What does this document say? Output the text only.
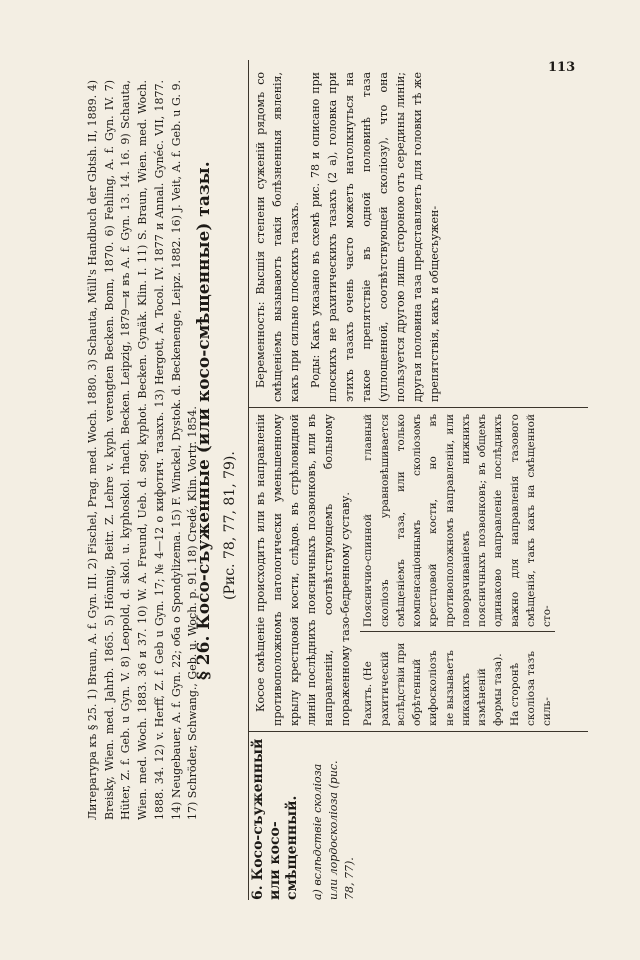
113
Литература къ § 25. 1) Braun, A. f. Gyn. III. 2) Fischel, Prag. med. Woch. 1880. 3) Schauta, Müll's Handbuch der Gbtsh. II, 1889. 4) Breisky, Wien. med. Jahrb. 1865. 5) Hönnig, Beitr. Z. Lehre v. kyph. verengten Becken. Bonn, 1870. 6) Fehling, A. f. Gyn. IV. 7) Hüter, Z. f. Geb. u Gyn. V. 8) Leopold, d. skol. u. kyphoskol. rhach. Becken. Leipzig, 1879—и въ A. f. Gyn. 13. 14. 16. 9) Schauta, Wien. med. Woch. 1883. 36 и 37. 10) W. A. Freund, Ueb. d. sog. kyphot. Becken. Gynäk. Klin. I. 11) S. Braun, Wien. med. Woch. 1888. 34. 12) v. Herff, Z. f. Geb u Gyn. 17; № 4—12 о кифотич. тазахъ. 13) Hergott, A. Tocol. IV. 1877 и Annal. Gynéc. VII, 1877. 14) Neugebauer, A. f. Gyn. 22; оба о Spondylizema. 15) F. Winckel, Dystok. d. Beckenenge, Leipz. 1882. 16) J. Veit, A. f. Geb. u G. 9. 17) Schröder, Schwang., Geb. u. Woch. p. 91. 18) Credé, Klin. Vortr. 1854.
§ 26. Косо-съуженные (или косо-смѣщенные) тазы. (Рис. 78, 77, 81, 79).
6. Косо-съуженный или косо-смѣщенный. а) вслѣдствіе сколіоза или лордосколіоза (рис. 78, 77).

Косое смѣщеніе происходитъ или въ направленіи противоположномъ патологически уменьшенному крылу крестцовой кости, слѣдов. въ стрѣловидной линіи послѣднихъ поясничныхъ позвонковъ, или въ направленіи, соотвѣтствующемъ больному пораженному тазо-бедренному суставу. Рахитъ. (Не рахитическій вслѣдствіи при обрѣтенный кифосколіозъ не вызываетъ никакихъ измѣненій формы таза). На сторонѣ сколіоза тазъ силь-
Поясничио-спинной главный сколіозъ уравновѣшивается смѣщеніемъ таза, или только компенсаціоннымъ сколіозомъ крестцовой кости, но въ противоположномъ направленіи, или поворачиваніемъ нижнихъ поясничныхъ позвонковъ; въ общемъ одинаково направленіе послѣднихъ важно для направленія тазового смѣщенія, такъ какъ на смѣщенной сто-

Беременность: Высшія степени суженій рядомъ со смѣщеніемъ вызываютъ такія болѣзненныя явленія, какъ при сильно плоскихъ тазахъ. Роды: Какъ указано въ схемѣ рис. 78 и описано при плоскихъ не рахитическихъ тазахъ (2 а), головка при этихъ тазахъ очень часто можетъ натолкнуться на такое препятствіе въ одной половинѣ таза (уплощенной, соотвѣтствующей сколіозу), что она пользуется другою лишь стороною отъ середины линіи; другая половина таза представляетъ для головки тѣ же препятствія, какъ и общесъужен-
